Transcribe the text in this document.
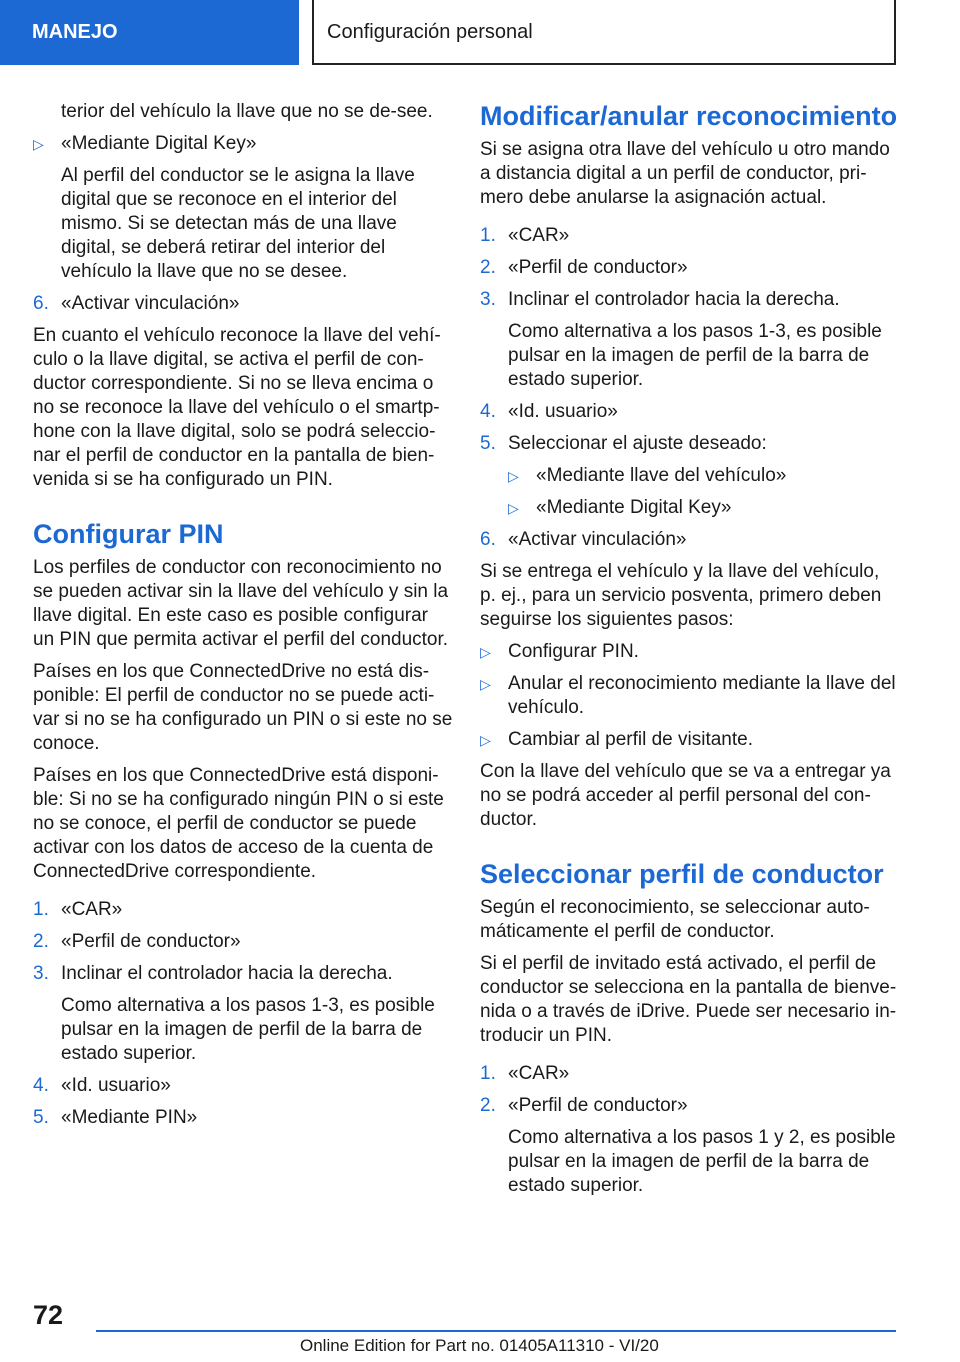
MANEJO	Configuración personal

terior del vehículo la llave que no se de-see.

▷ «Mediante Digital Key»

Al perfil del conductor se le asigna la llave digital que se reconoce en el interior del mismo. Si se detectan más de una llave digital, se deberá retirar del interior del vehículo la llave que no se desee.

6. «Activar vinculación»

En cuanto el vehículo reconoce la llave del vehí-culo o la llave digital, se activa el perfil de con-ductor correspondiente. Si no se lleva encima o no se reconoce la llave del vehículo o el smartp-hone con la llave digital, solo se podrá seleccio-nar el perfil de conductor en la pantalla de bien-venida si se ha configurado un PIN.

Configurar PIN

Los perfiles de conductor con reconocimiento no se pueden activar sin la llave del vehículo y sin la llave digital. En este caso es posible configurar un PIN que permita activar el perfil del conductor.

Países en los que ConnectedDrive no está dis-ponible: El perfil de conductor no se puede acti-var si no se ha configurado un PIN o si este no se conoce.

Países en los que ConnectedDrive está disponi-ble: Si no se ha configurado ningún PIN o si este no se conoce, el perfil de conductor se puede activar con los datos de acceso de la cuenta de ConnectedDrive correspondiente.

1. «CAR»
2. «Perfil de conductor»
3. Inclinar el controlador hacia la derecha.

Como alternativa a los pasos 1-3, es posible pulsar en la imagen de perfil de la barra de estado superior.

4. «Id. usuario»
5. «Mediante PIN»
Modificar/anular reconocimiento

Si se asigna otra llave del vehículo u otro mando a distancia digital a un perfil de conductor, pri-mero debe anularse la asignación actual.

1. «CAR»
2. «Perfil de conductor»
3. Inclinar el controlador hacia la derecha.

Como alternativa a los pasos 1-3, es posible pulsar en la imagen de perfil de la barra de estado superior.

4. «Id. usuario»
5. Seleccionar el ajuste deseado:
▷ «Mediante llave del vehículo»
▷ «Mediante Digital Key»
6. «Activar vinculación»

Si se entrega el vehículo y la llave del vehículo, p. ej., para un servicio posventa, primero deben seguirse los siguientes pasos:

▷ Configurar PIN.
▷ Anular el reconocimiento mediante la llave del vehículo.
▷ Cambiar al perfil de visitante.

Con la llave del vehículo que se va a entregar ya no se podrá acceder al perfil personal del con-ductor.

Seleccionar perfil de conductor

Según el reconocimiento, se seleccionar auto-máticamente el perfil de conductor.

Si el perfil de invitado está activado, el perfil de conductor se selecciona en la pantalla de bienve-nida o a través de iDrive. Puede ser necesario in-troducir un PIN.

1. «CAR»
2. «Perfil de conductor»

Como alternativa a los pasos 1 y 2, es posible pulsar en la imagen de perfil de la barra de estado superior.

72
Online Edition for Part no. 01405A11310 - VI/20
